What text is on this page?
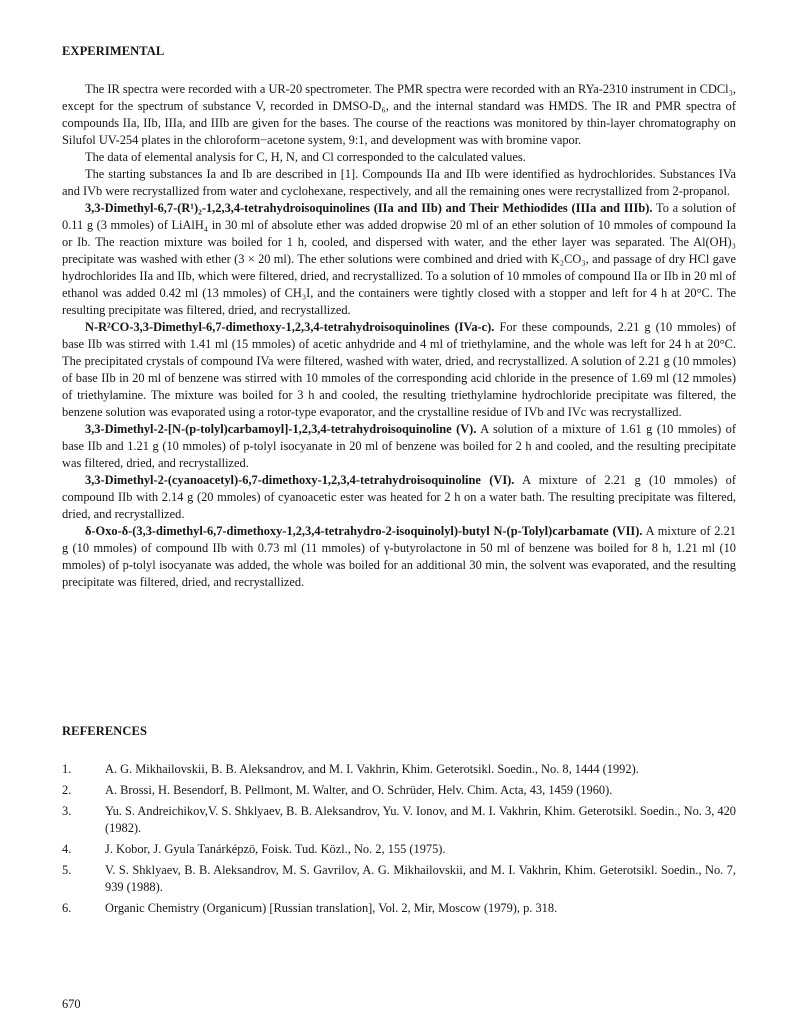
EXPERIMENTAL

The IR spectra were recorded with a UR-20 spectrometer. The PMR spectra were recorded with an RYa-2310 instrument in CDCl₃, except for the spectrum of substance V, recorded in DMSO-D₆, and the internal standard was HMDS. The IR and PMR spectra of compounds IIa, IIb, IIIa, and IIIb are given for the bases. The course of the reactions was monitored by thin-layer chromatography on Silufol UV-254 plates in the chloroform−acetone system, 9:1, and development was with bromine vapor.

The data of elemental analysis for C, H, N, and Cl corresponded to the calculated values.

The starting substances Ia and Ib are described in [1]. Compounds IIa and IIb were identified as hydrochlorides. Substances IVa and IVb were recrystallized from water and cyclohexane, respectively, and all the remaining ones were recrystallized from 2-propanol.

3,3-Dimethyl-6,7-(R¹)₂-1,2,3,4-tetrahydroisoquinolines (IIa and IIb) and Their Methiodides (IIIa and IIIb). To a solution of 0.11 g (3 mmoles) of LiAlH₄ in 30 ml of absolute ether was added dropwise 20 ml of an ether solution of 10 mmoles of compound Ia or Ib. The reaction mixture was boiled for 1 h, cooled, and dispersed with water, and the ether layer was separated. The Al(OH)₃ precipitate was washed with ether (3 × 20 ml). The ether solutions were combined and dried with K₂CO₃, and passage of dry HCl gave hydrochlorides IIa and IIb, which were filtered, dried, and recrystallized. To a solution of 10 mmoles of compound IIa or IIb in 20 ml of ethanol was added 0.42 ml (13 mmoles) of CH₃I, and the containers were tightly closed with a stopper and left for 4 h at 20°C. The resulting precipitate was filtered, dried, and recrystallized.

N-R²CO-3,3-Dimethyl-6,7-dimethoxy-1,2,3,4-tetrahydroisoquinolines (IVa-c). For these compounds, 2.21 g (10 mmoles) of base IIb was stirred with 1.41 ml (15 mmoles) of acetic anhydride and 4 ml of triethylamine, and the whole was left for 24 h at 20°C. The precipitated crystals of compound IVa were filtered, washed with water, dried, and recrystallized. A solution of 2.21 g (10 mmoles) of base IIb in 20 ml of benzene was stirred with 10 mmoles of the corresponding acid chloride in the presence of 1.69 ml (12 mmoles) of triethylamine. The mixture was boiled for 3 h and cooled, the resulting triethylamine hydrochloride precipitate was filtered, the benzene solution was evaporated using a rotor-type evaporator, and the crystalline residue of IVb and IVc was recrystallized.

3,3-Dimethyl-2-[N-(p-tolyl)carbamoyl]-1,2,3,4-tetrahydroisoquinoline (V). A solution of a mixture of 1.61 g (10 mmoles) of base IIb and 1.21 g (10 mmoles) of p-tolyl isocyanate in 20 ml of benzene was boiled for 2 h and cooled, and the resulting precipitate was filtered, dried, and recrystallized.

3,3-Dimethyl-2-(cyanoacetyl)-6,7-dimethoxy-1,2,3,4-tetrahydroisoquinoline (VI). A mixture of 2.21 g (10 mmoles) of compound IIb with 2.14 g (20 mmoles) of cyanoacetic ester was heated for 2 h on a water bath. The resulting precipitate was filtered, dried, and recrystallized.

δ-Oxo-δ-(3,3-dimethyl-6,7-dimethoxy-1,2,3,4-tetrahydro-2-isoquinolyl)-butyl N-(p-Tolyl)carbamate (VII). A mixture of 2.21 g (10 mmoles) of compound IIb with 0.73 ml (11 mmoles) of γ-butyrolactone in 50 ml of benzene was boiled for 8 h, 1.21 ml (10 mmoles) of p-tolyl isocyanate was added, the whole was boiled for an additional 30 min, the solvent was evaporated, and the resulting precipitate was filtered, dried, and recrystallized.

REFERENCES
1.	A. G. Mikhailovskii, B. B. Aleksandrov, and M. I. Vakhrin, Khim. Geterotsikl. Soedin., No. 8, 1444 (1992).
2.	A. Brossi, H. Besendorf, B. Pellmont, M. Walter, and O. Schrüder, Helv. Chim. Acta, 43, 1459 (1960).
3.	Yu. S. Andreichikov,V. S. Shklyaev, B. B. Aleksandrov, Yu. V. Ionov, and M. I. Vakhrin, Khim. Geterotsikl. Soedin., No. 3, 420 (1982).
4.	J. Kobor, J. Gyula Tanárképzö, Foisk. Tud. Közl., No. 2, 155 (1975).
5.	V. S. Shklyaev, B. B. Aleksandrov, M. S. Gavrilov, A. G. Mikhailovskii, and M. I. Vakhrin, Khim. Geterotsikl. Soedin., No. 7, 939 (1988).
6.	Organic Chemistry (Organicum) [Russian translation], Vol. 2, Mir, Moscow (1979), p. 318.
670
